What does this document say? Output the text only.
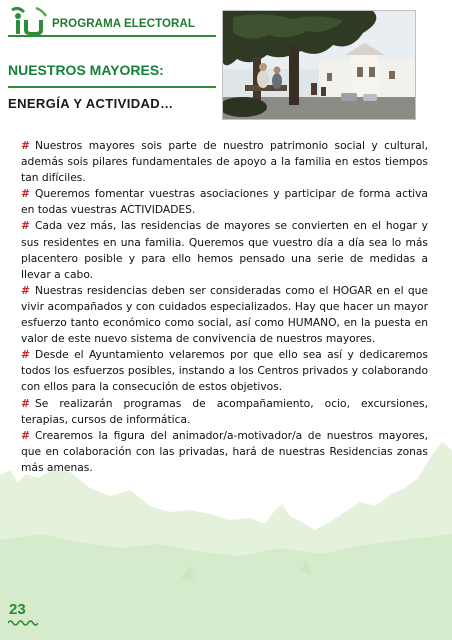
PROGRAMA ELECTORAL
NUESTROS MAYORES:
ENERGÍA Y ACTIVIDAD…

# Nuestros mayores sois parte de nuestro patrimonio social y cultural, además sois pilares fundamentales de apoyo a la familia en estos tiempos tan difíciles.

# Queremos fomentar vuestras asociaciones y participar de forma activa en todas vuestras ACTIVIDADES.

# Cada vez más, las residencias de mayores se convierten en el hogar y sus residentes en una familia. Queremos que vuestro día a día sea lo más placentero posible y para ello hemos pensado una serie de medidas a llevar a cabo.

# Nuestras residencias deben ser consideradas como el HOGAR en el que vivir acompañados y con cuidados especializados. Hay que hacer un mayor esfuerzo tanto económico como social, así como HUMANO, en la puesta en valor de este nuevo sistema de convivencia de nuestros mayores.

# Desde el Ayuntamiento velaremos por que ello sea así y dedicaremos todos los esfuerzos posibles, instando a los Centros privados y colaborando con ellos para la consecución de estos objetivos.

# Se realizarán programas de acompañamiento, ocio, excursiones, terapias, cursos de informática.

# Crearemos la figura del animador/a-motivador/a de nuestros mayores, que en colaboración con las privadas, hará de nuestras Residencias zonas más amenas.

23
